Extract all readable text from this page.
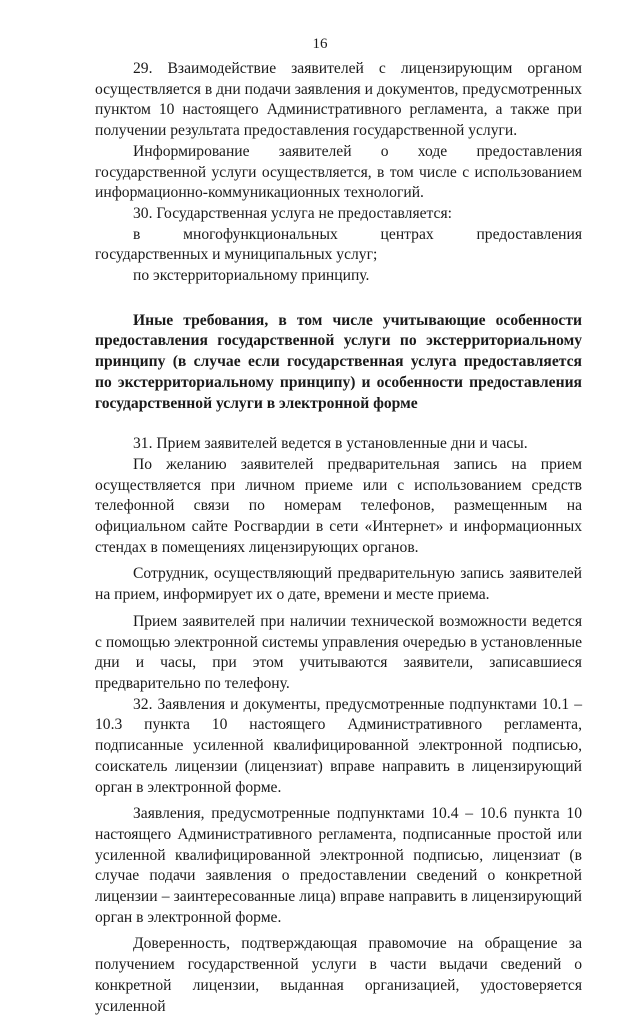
16

29. Взаимодействие заявителей с лицензирующим органом осуществляется в дни подачи заявления и документов, предусмотренных пунктом 10 настоящего Административного регламента, а также при получении результата предоставления государственной услуги.

Информирование заявителей о ходе предоставления государственной услуги осуществляется, в том числе с использованием информационно-коммуникационных технологий.

30. Государственная услуга не предоставляется:

в многофункциональных центрах предоставления государственных и муниципальных услуг;

по экстерриториальному принципу.

Иные требования, в том числе учитывающие особенности предоставления государственной услуги по экстерриториальному принципу (в случае если государственная услуга предоставляется по экстерриториальному принципу) и особенности предоставления государственной услуги в электронной форме

31. Прием заявителей ведется в установленные дни и часы.

По желанию заявителей предварительная запись на прием осуществляется при личном приеме или с использованием средств телефонной связи по номерам телефонов, размещенным на официальном сайте Росгвардии в сети «Интернет» и информационных стендах в помещениях лицензирующих органов.

Сотрудник, осуществляющий предварительную запись заявителей на прием, информирует их о дате, времени и месте приема.

Прием заявителей при наличии технической возможности ведется с помощью электронной системы управления очередью в установленные дни и часы, при этом учитываются заявители, записавшиеся предварительно по телефону.

32. Заявления и документы, предусмотренные подпунктами 10.1 – 10.3 пункта 10 настоящего Административного регламента, подписанные усиленной квалифицированной электронной подписью, соискатель лицензии (лицензиат) вправе направить в лицензирующий орган в электронной форме.

Заявления, предусмотренные подпунктами 10.4 – 10.6 пункта 10 настоящего Административного регламента, подписанные простой или усиленной квалифицированной электронной подписью, лицензиат (в случае подачи заявления о предоставлении сведений о конкретной лицензии – заинтересованные лица) вправе направить в лицензирующий орган в электронной форме.

Доверенность, подтверждающая правомочие на обращение за получением государственной услуги в части выдачи сведений о конкретной лицензии, выданная организацией, удостоверяется усиленной
